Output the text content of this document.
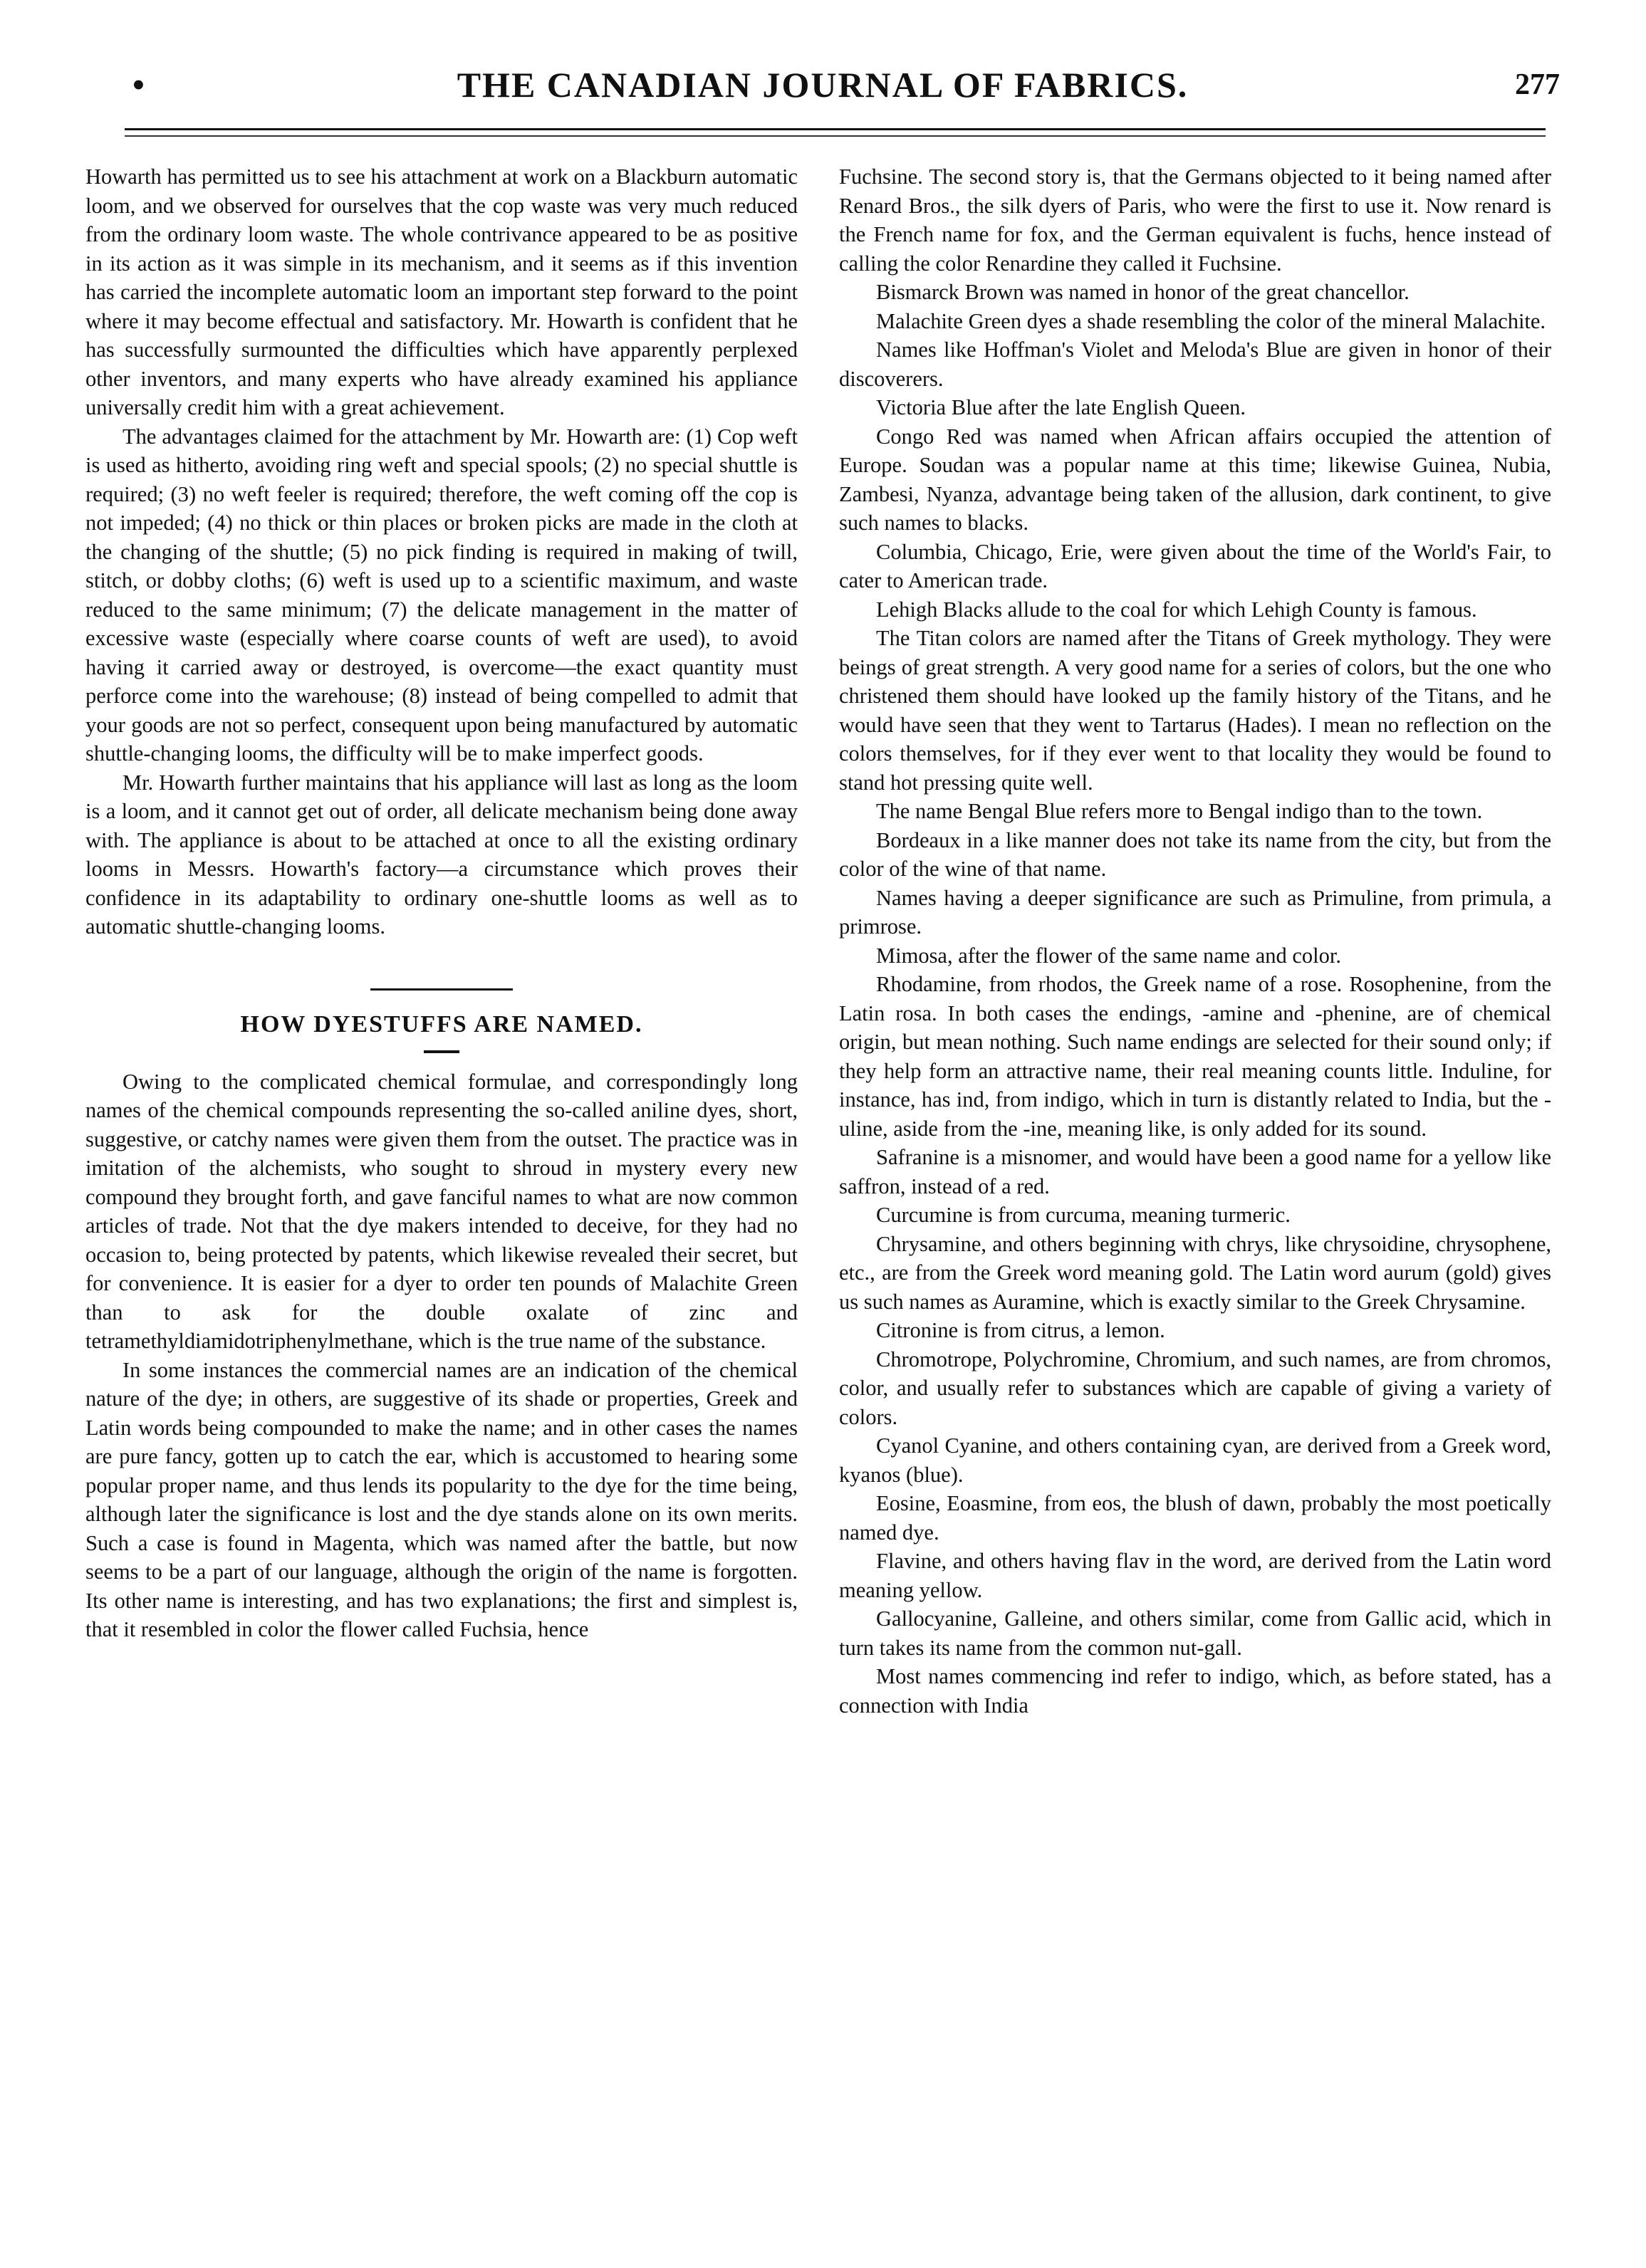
•	THE CANADIAN JOURNAL OF FABRICS.	277

Howarth has permitted us to see his attachment at work on a Blackburn automatic loom, and we observed for ourselves that the cop waste was very much reduced from the ordinary loom waste. The whole contrivance appeared to be as positive in its action as it was simple in its mechanism, and it seems as if this invention has carried the incomplete automatic loom an important step forward to the point where it may become effectual and satisfactory. Mr. Howarth is confident that he has successfully surmounted the difficulties which have apparently perplexed other inventors, and many experts who have already examined his appliance universally credit him with a great achievement.

The advantages claimed for the attachment by Mr. Howarth are: (1) Cop weft is used as hitherto, avoiding ring weft and special spools; (2) no special shuttle is required; (3) no weft feeler is required; therefore, the weft coming off the cop is not impeded; (4) no thick or thin places or broken picks are made in the cloth at the changing of the shuttle; (5) no pick finding is required in making of twill, stitch, or dobby cloths; (6) weft is used up to a scientific maximum, and waste reduced to the same minimum; (7) the delicate management in the matter of excessive waste (especially where coarse counts of weft are used), to avoid having it carried away or destroyed, is overcome—the exact quantity must perforce come into the warehouse; (8) instead of being compelled to admit that your goods are not so perfect, consequent upon being manufactured by automatic shuttle-changing looms, the difficulty will be to make imperfect goods.

Mr. Howarth further maintains that his appliance will last as long as the loom is a loom, and it cannot get out of order, all delicate mechanism being done away with. The appliance is about to be attached at once to all the existing ordinary looms in Messrs. Howarth's factory—a circumstance which proves their confidence in its adaptability to ordinary one-shuttle looms as well as to automatic shuttle-changing looms.

HOW DYESTUFFS ARE NAMED.

Owing to the complicated chemical formulae, and correspondingly long names of the chemical compounds representing the so-called aniline dyes, short, suggestive, or catchy names were given them from the outset. The practice was in imitation of the alchemists, who sought to shroud in mystery every new compound they brought forth, and gave fanciful names to what are now common articles of trade. Not that the dye makers intended to deceive, for they had no occasion to, being protected by patents, which likewise revealed their secret, but for convenience. It is easier for a dyer to order ten pounds of Malachite Green than to ask for the double oxalate of zinc and tetramethyldiamidotriphenylmethane, which is the true name of the substance.

In some instances the commercial names are an indication of the chemical nature of the dye; in others, are suggestive of its shade or properties, Greek and Latin words being compounded to make the name; and in other cases the names are pure fancy, gotten up to catch the ear, which is accustomed to hearing some popular proper name, and thus lends its popularity to the dye for the time being, although later the significance is lost and the dye stands alone on its own merits. Such a case is found in Magenta, which was named after the battle, but now seems to be a part of our language, although the origin of the name is forgotten. Its other name is interesting, and has two explanations; the first and simplest is, that it resembled in color the flower called Fuchsia, hence

Fuchsine. The second story is, that the Germans objected to it being named after Renard Bros., the silk dyers of Paris, who were the first to use it. Now renard is the French name for fox, and the German equivalent is fuchs, hence instead of calling the color Renardine they called it Fuchsine.

Bismarck Brown was named in honor of the great chancellor.

Malachite Green dyes a shade resembling the color of the mineral Malachite.

Names like Hoffman's Violet and Meloda's Blue are given in honor of their discoverers.

Victoria Blue after the late English Queen.

Congo Red was named when African affairs occupied the attention of Europe. Soudan was a popular name at this time; likewise Guinea, Nubia, Zambesi, Nyanza, advantage being taken of the allusion, dark continent, to give such names to blacks.

Columbia, Chicago, Erie, were given about the time of the World's Fair, to cater to American trade.

Lehigh Blacks allude to the coal for which Lehigh County is famous.

The Titan colors are named after the Titans of Greek mythology. They were beings of great strength. A very good name for a series of colors, but the one who christened them should have looked up the family history of the Titans, and he would have seen that they went to Tartarus (Hades). I mean no reflection on the colors themselves, for if they ever went to that locality they would be found to stand hot pressing quite well.

The name Bengal Blue refers more to Bengal indigo than to the town.

Bordeaux in a like manner does not take its name from the city, but from the color of the wine of that name.

Names having a deeper significance are such as Primuline, from primula, a primrose.

Mimosa, after the flower of the same name and color.

Rhodamine, from rhodos, the Greek name of a rose. Rosophenine, from the Latin rosa. In both cases the endings, -amine and -phenine, are of chemical origin, but mean nothing. Such name endings are selected for their sound only; if they help form an attractive name, their real meaning counts little. Induline, for instance, has ind, from indigo, which in turn is distantly related to India, but the -uline, aside from the -ine, meaning like, is only added for its sound.

Safranine is a misnomer, and would have been a good name for a yellow like saffron, instead of a red.

Curcumine is from curcuma, meaning turmeric.

Chrysamine, and others beginning with chrys, like chrysoidine, chrysophene, etc., are from the Greek word meaning gold. The Latin word aurum (gold) gives us such names as Auramine, which is exactly similar to the Greek Chrysamine.

Citronine is from citrus, a lemon.

Chromotrope, Polychromine, Chromium, and such names, are from chromos, color, and usually refer to substances which are capable of giving a variety of colors.

Cyanol Cyanine, and others containing cyan, are derived from a Greek word, kyanos (blue).

Eosine, Eoasmine, from eos, the blush of dawn, probably the most poetically named dye.

Flavine, and others having flav in the word, are derived from the Latin word meaning yellow.

Gallocyanine, Galleine, and others similar, come from Gallic acid, which in turn takes its name from the common nut-gall.

Most names commencing ind refer to indigo, which, as before stated, has a connection with India
